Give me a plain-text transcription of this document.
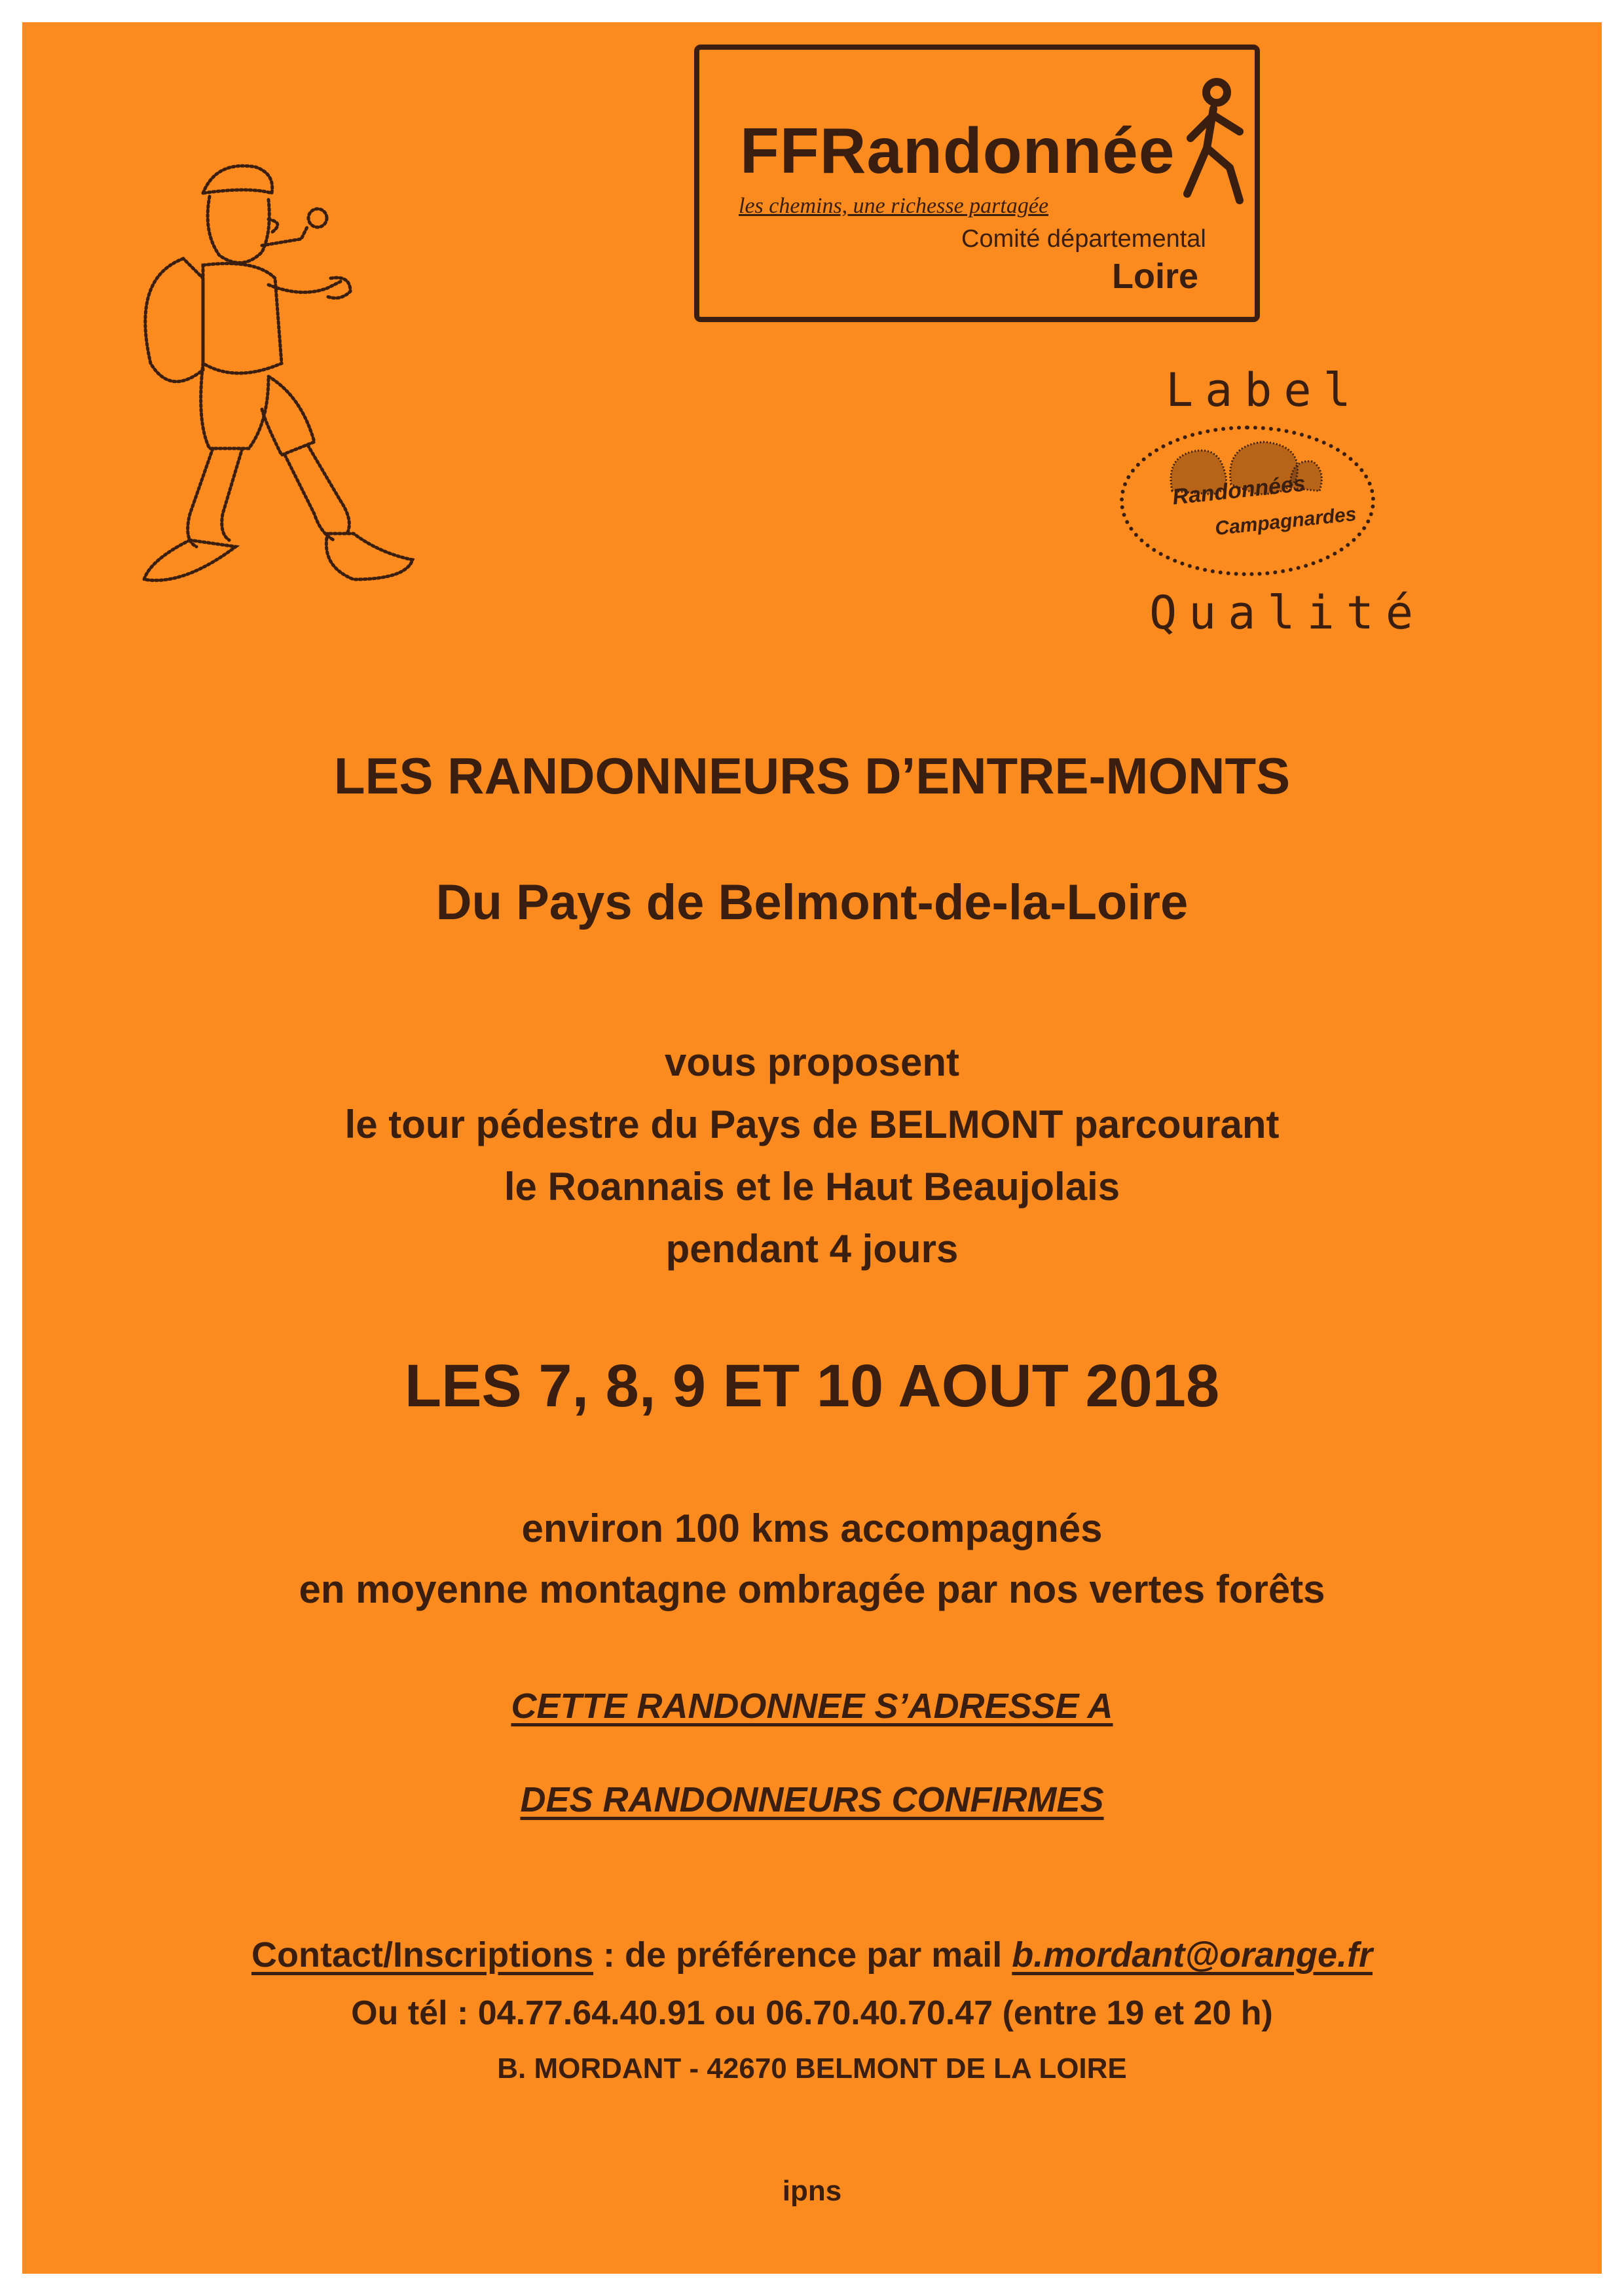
FFRandonnée
les chemins, une richesse partagée
Comité départemental
Loire
Label
Randonnées
Campagnardes
Qualité
LES RANDONNEURS D’ENTRE-MONTS
Du Pays de Belmont-de-la-Loire
vous proposent
le tour pédestre du Pays de BELMONT parcourant
le Roannais et le Haut Beaujolais
pendant 4 jours
LES 7, 8, 9 ET 10 AOUT 2018
environ 100 kms accompagnés
en moyenne montagne ombragée par nos vertes forêts
CETTE RANDONNEE S’ADRESSE A
DES RANDONNEURS CONFIRMES
Contact/Inscriptions : de préférence par mail b.mordant@orange.fr
Ou tél : 04.77.64.40.91 ou 06.70.40.70.47 (entre 19 et 20 h)
B. MORDANT - 42670 BELMONT DE LA LOIRE
ipns
